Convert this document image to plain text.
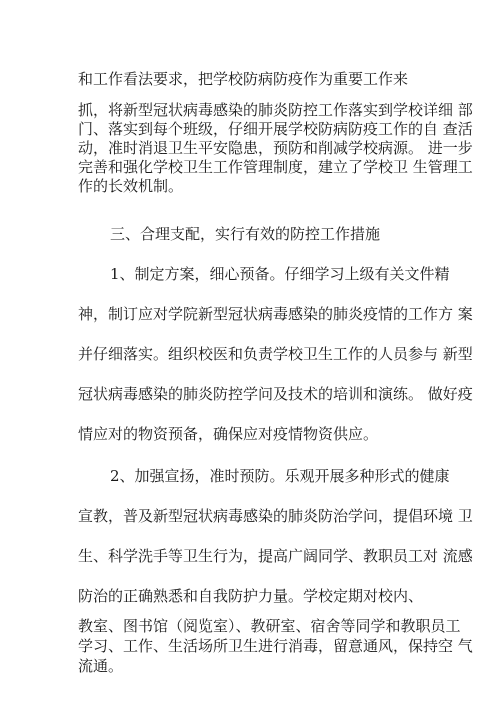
和工作看法要求，把学校防病防疫作为重要工作来
抓，将新型冠状病毒感染的肺炎防控工作落实到学校详细 部
门、落实到每个班级，仔细开展学校防病防疫工作的自 查活
动，准时消退卫生平安隐患，预防和削减学校病源。 进一步
完善和强化学校卫生工作管理制度，建立了学校卫 生管理工
作的长效机制。
三、合理支配，实行有效的防控工作措施
1、制定方案，细心预备。仔细学习上级有关文件精
神，制订应对学院新型冠状病毒感染的肺炎疫情的工作方 案
并仔细落实。组织校医和负责学校卫生工作的人员参与 新型
冠状病毒感染的肺炎防控学问及技术的培训和演练。 做好疫
情应对的物资预备，确保应对疫情物资供应。
2、加强宣扬，准时预防。乐观开展多种形式的健康
宣教，普及新型冠状病毒感染的肺炎防治学问，提倡环境 卫
生、科学洗手等卫生行为，提高广阔同学、教职员工对 流感
防治的正确熟悉和自我防护力量。学校定期对校内、
教室、图书馆（阅览室）、教研室、宿舍等同学和教职员工
学习、工作、生活场所卫生进行消毒，留意通风，保持空 气
流通。
